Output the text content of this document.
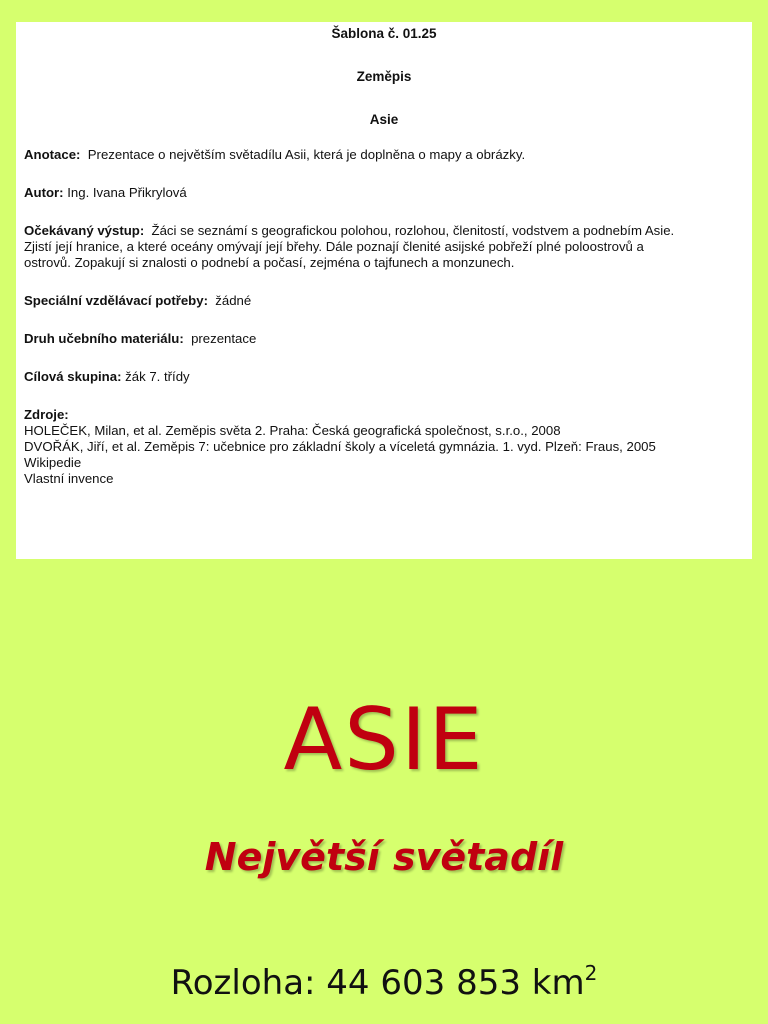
Šablona č. 01.25
Zeměpis
Asie
Anotace: Prezentace o největším světadílu Asii, která je doplněna o mapy a obrázky.
Autor: Ing. Ivana Přikrylová
Očekávaný výstup: Žáci se seznámí s geografickou polohou, rozlohou, členitostí, vodstvem a podnebím Asie.
Zjistí její hranice, a které oceány omývají její břehy. Dále poznají členité asijské pobřeží plné poloostrovů a
ostrovů. Zopakují si znalosti o podnebí a počasí, zejména o tajfunech a monzunech.
Speciální vzdělávací potřeby: žádné
Druh učebního materiálu: prezentace
Cílová skupina: žák 7. třídy
Zdroje:
HOLEČEK, Milan, et al. Zeměpis světa 2. Praha: Česká geografická společnost, s.r.o., 2008
DVOŘÁK, Jiří, et al. Zeměpis 7: učebnice pro základní školy a víceletá gymnázia. 1. vyd. Plzeň: Fraus, 2005
Wikipedie
Vlastní invence
ASIE
Největší světadíl
Rozloha: 44 603 853 $km^2$
